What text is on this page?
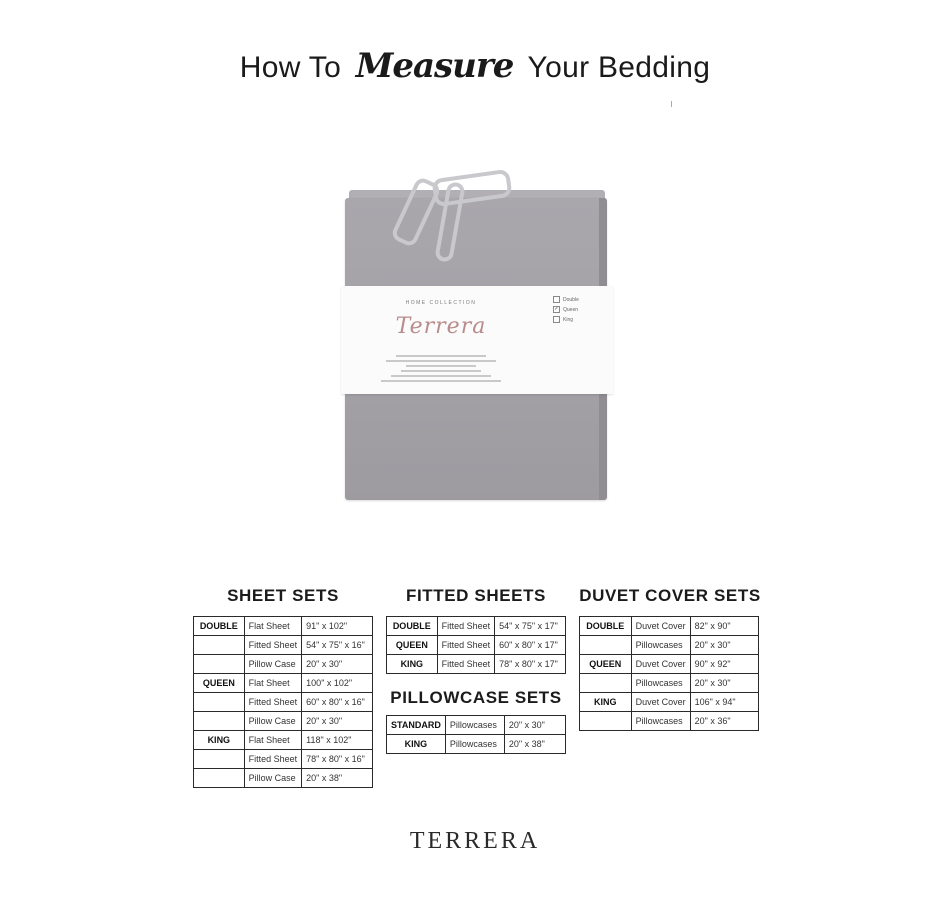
How To Measure Your Bedding
HOME COLLECTION
Terrera
Double
✓ Queen
King
SHEET SETS
DOUBLE	Flat Sheet	91" x 102"
	Fitted Sheet	54" x 75" x 16"
	Pillow Case	20" x 30"
QUEEN	Flat Sheet	100" x 102"
	Fitted Sheet	60" x 80" x 16"
	Pillow Case	20" x 30"
KING	Flat Sheet	118" x 102"
	Fitted Sheet	78" x 80" x 16"
	Pillow Case	20" x 38"
FITTED SHEETS
DOUBLE	Fitted Sheet	54" x 75" x 17"
QUEEN	Fitted Sheet	60" x 80" x 17"
KING	Fitted Sheet	78" x 80" x 17"
PILLOWCASE SETS
STANDARD	Pillowcases	20" x 30"
KING	Pillowcases	20" x 38"
DUVET COVER SETS
DOUBLE	Duvet Cover	82" x 90"
	Pillowcases	20" x 30"
QUEEN	Duvet Cover	90" x 92"
	Pillowcases	20" x 30"
KING	Duvet Cover	106" x 94"
	Pillowcases	20" x 36"
TERRERA
